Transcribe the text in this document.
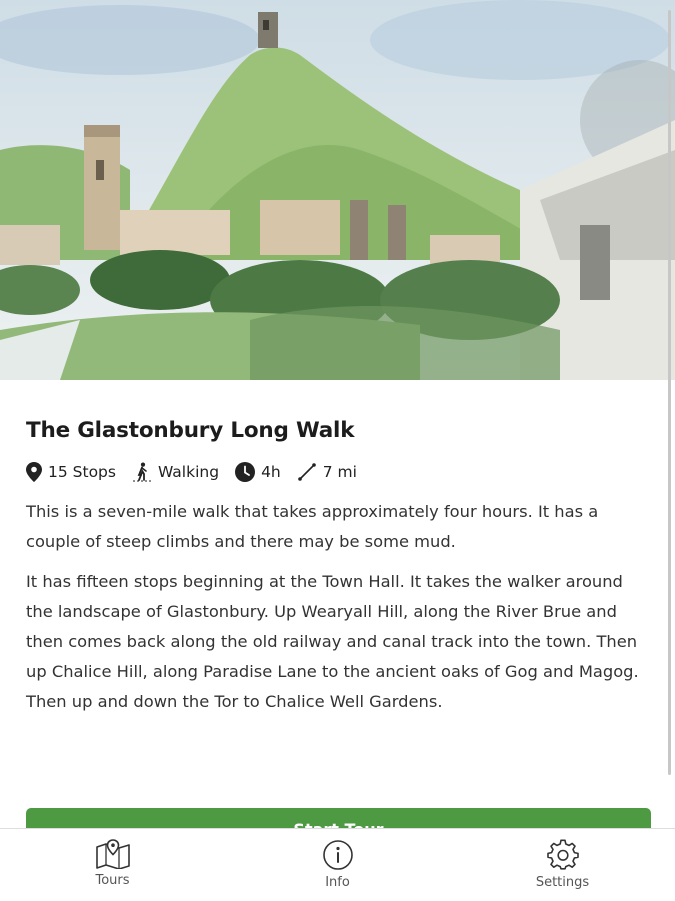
The Glastonbury Long Walk
15 Stops	Walking	4h	7 mi

This is a seven-mile walk that takes approximately four hours. It has a couple of steep climbs and there may be some mud.

It has fifteen stops beginning at the Town Hall. It takes the walker around the landscape of Glastonbury. Up Wearyall Hill, along the River Brue and then comes back along the old railway and canal track into the town. Then up Chalice Hill, along Paradise Lane to the ancient oaks of Gog and Magog. Then up and down the Tor to Chalice Well Gardens.

Tours	Info	Settings
